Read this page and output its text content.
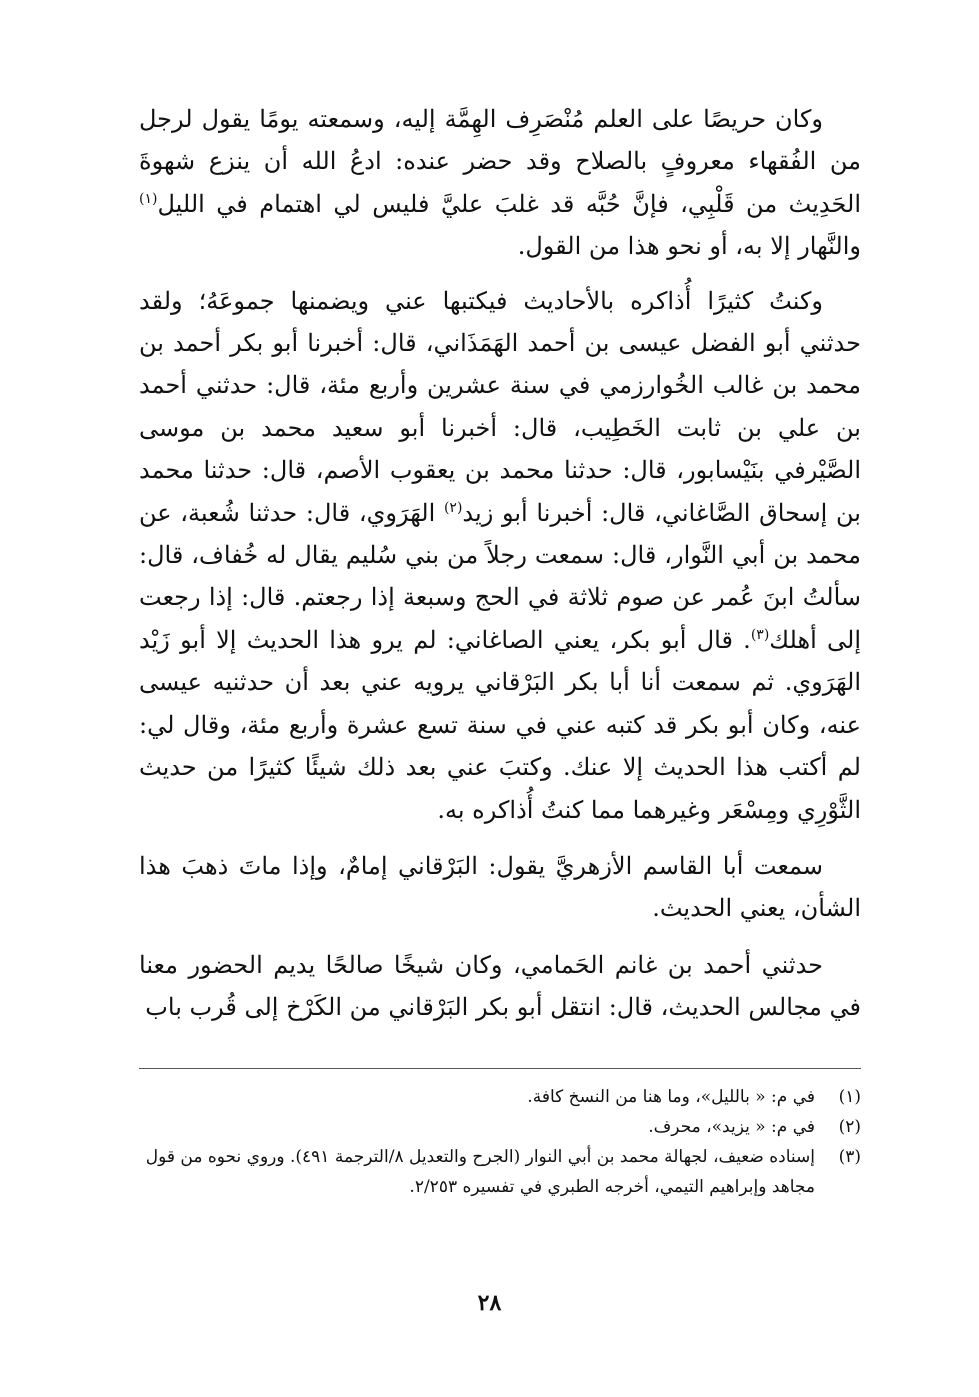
وكان حريصًا على العلم مُنْصَرِف الهِمَّة إليه، وسمعته يومًا يقول لرجل من الفُقهاء معروفٍ بالصلاح وقد حضر عنده: ادعُ الله أن ينزع شهوةَ الحَدِيث من قَلْبِي، فإنَّ حُبَّه قد غلبَ عليَّ فليس لي اهتمام في الليل$^{(١)}$ والنَّهار إلا به، أو نحو هذا من القول.

وكنتُ كثيرًا أُذاكره بالأحاديث فيكتبها عني ويضمنها جموعَهُ؛ ولقد حدثني أبو الفضل عيسى بن أحمد الهَمَذَاني، قال: أخبرنا أبو بكر أحمد بن محمد بن غالب الخُوارزمي في سنة عشرين وأربع مئة، قال: حدثني أحمد بن علي بن ثابت الخَطِيب، قال: أخبرنا أبو سعيد محمد بن موسى الصَّيْرفي بنَيْسابور، قال: حدثنا محمد بن يعقوب الأصم، قال: حدثنا محمد بن إسحاق الصَّاغاني، قال: أخبرنا أبو زيد$^{(٢)}$ الهَرَوي، قال: حدثنا شُعبة، عن محمد بن أبي النَّوار، قال: سمعت رجلاً من بني سُليم يقال له خُفاف، قال: سألتُ ابنَ عُمر عن صوم ثلاثة في الحج وسبعة إذا رجعتم. قال: إذا رجعت إلى أهلك$^{(٣)}$. قال أبو بكر، يعني الصاغاني: لم يرو هذا الحديث إلا أبو زَيْد الهَرَوي. ثم سمعت أنا أبا بكر البَرْقاني يرويه عني بعد أن حدثنيه عيسى عنه، وكان أبو بكر قد كتبه عني في سنة تسع عشرة وأربع مئة، وقال لي: لم أكتب هذا الحديث إلا عنك. وكتبَ عني بعد ذلك شيئًا كثيرًا من حديث الثَّوْرِي ومِسْعَر وغيرهما مما كنتُ أُذاكره به.

سمعت أبا القاسم الأزهريَّ يقول: البَرْقاني إمامٌ، وإذا ماتَ ذهبَ هذا الشأن، يعني الحديث.

حدثني أحمد بن غانم الحَمامي، وكان شيخًا صالحًا يديم الحضور معنا في مجالس الحديث، قال: انتقل أبو بكر البَرْقاني من الكَرْخ إلى قُرب باب

(١)في م: « بالليل»، وما هنا من النسخ كافة.

(٢)في م: « يزيد»، محرف.

(٣)إسناده ضعيف، لجهالة محمد بن أبي النوار (الجرح والتعديل ٨/الترجمة ٤٩١). وروي نحوه من قول مجاهد وإبراهيم التيمي، أخرجه الطبري في تفسيره ٢/٢٥٣.

٢٨
